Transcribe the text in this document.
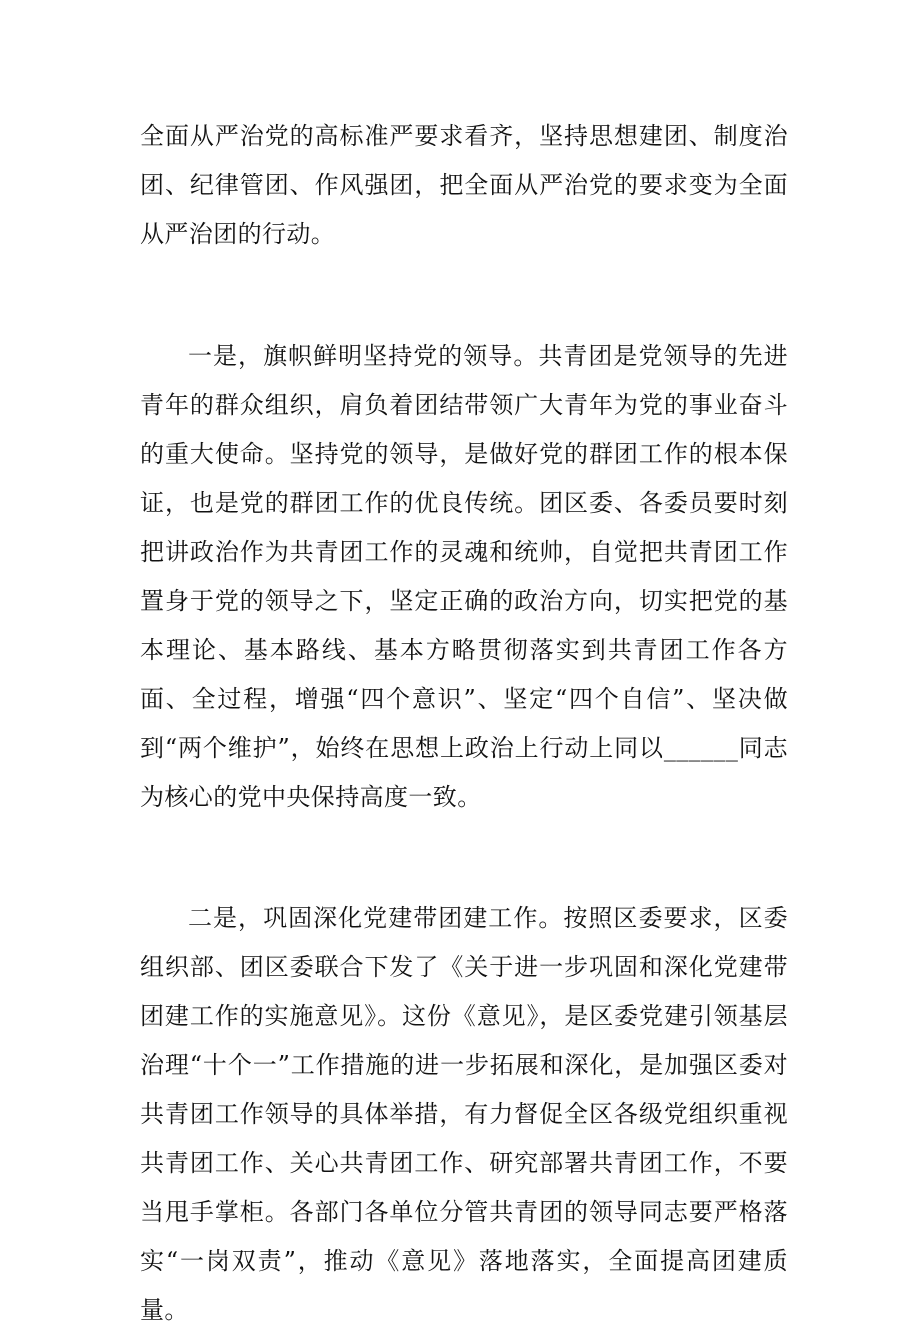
全面从严治党的高标准严要求看齐，坚持思想建团、制度治团、纪律管团、作风强团，把全面从严治党的要求变为全面从严治团的行动。

一是，旗帜鲜明坚持党的领导。共青团是党领导的先进青年的群众组织，肩负着团结带领广大青年为党的事业奋斗的重大使命。坚持党的领导，是做好党的群团工作的根本保证，也是党的群团工作的优良传统。团区委、各委员要时刻把讲政治作为共青团工作的灵魂和统帅，自觉把共青团工作置身于党的领导之下，坚定正确的政治方向，切实把党的基本理论、基本路线、基本方略贯彻落实到共青团工作各方面、全过程，增强“四个意识”、坚定“四个自信”、坚决做到“两个维护”，始终在思想上政治上行动上同以______同志为核心的党中央保持高度一致。

二是，巩固深化党建带团建工作。按照区委要求，区委组织部、团区委联合下发了《关于进一步巩固和深化党建带团建工作的实施意见》。这份《意见》，是区委党建引领基层治理“十个一”工作措施的进一步拓展和深化，是加强区委对共青团工作领导的具体举措，有力督促全区各级党组织重视共青团工作、关心共青团工作、研究部署共青团工作，不要当甩手掌柜。各部门各单位分管共青团的领导同志要严格落实“一岗双责”，推动《意见》落地落实，全面提高团建质量。
